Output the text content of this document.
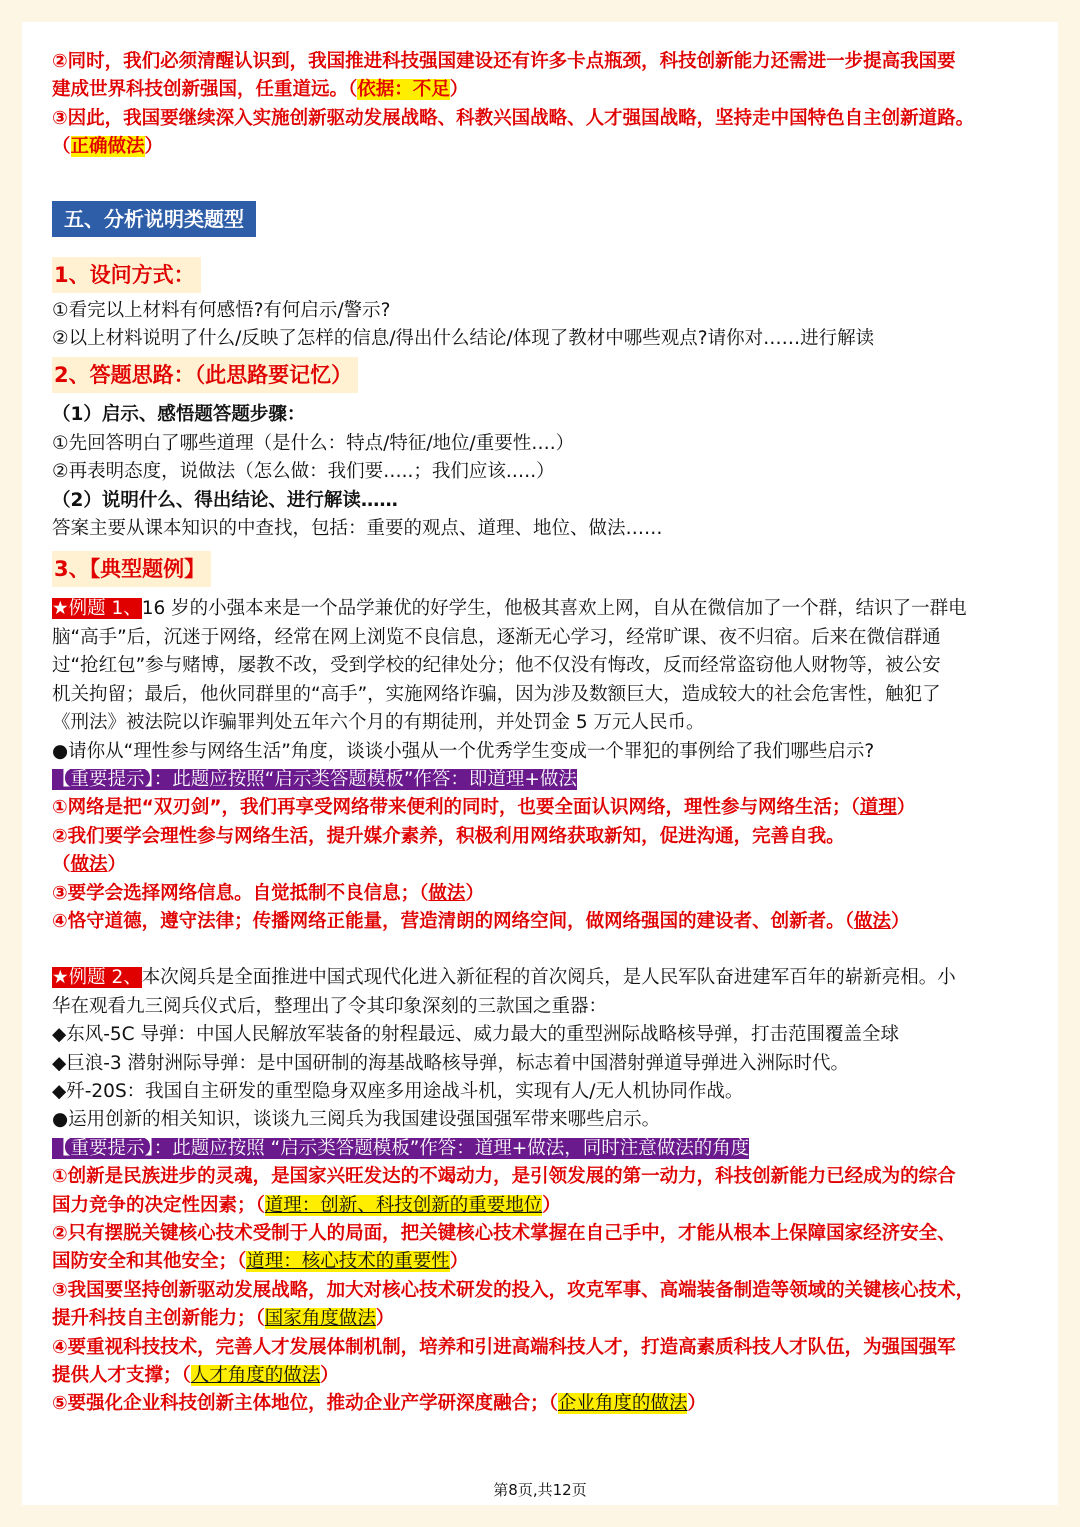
②同时，我们必须清醒认识到，我国推进科技强国建设还有许多卡点瓶颈，科技创新能力还需进一步提高我国要
建成世界科技创新强国，任重道远。（依据：不足）
③因此，我国要继续深入实施创新驱动发展战略、科教兴国战略、人才强国战略，坚持走中国特色自主创新道路。
（正确做法）
五、分析说明类题型
1、设问方式：
①看完以上材料有何感悟?有何启示/警示?
②以上材料说明了什么/反映了怎样的信息/得出什么结论/体现了教材中哪些观点?请你对……进行解读
2、答题思路：（此思路要记忆）
（1）启示、感悟题答题步骤：
①先回答明白了哪些道理（是什么：特点/特征/地位/重要性….）
②再表明态度，说做法（怎么做：我们要…..；我们应该.….）
（2）说明什么、得出结论、进行解读……
答案主要从课本知识的中查找，包括：重要的观点、道理、地位、做法……
3、【典型题例】
★例题 1、16 岁的小强本来是一个品学兼优的好学生，他极其喜欢上网，自从在微信加了一个群，结识了一群电
脑“高手”后，沉迷于网络，经常在网上浏览不良信息，逐渐无心学习，经常旷课、夜不归宿。后来在微信群通
过“抢红包”参与赌博，屡教不改，受到学校的纪律处分；他不仅没有悔改，反而经常盗窃他人财物等，被公安
机关拘留；最后，他伙同群里的“高手”，实施网络诈骗，因为涉及数额巨大，造成较大的社会危害性，触犯了
《刑法》被法院以诈骗罪判处五年六个月的有期徒刑，并处罚金 5 万元人民币。
●请你从“理性参与网络生活”角度，谈谈小强从一个优秀学生变成一个罪犯的事例给了我们哪些启示?
【重要提示】：此题应按照“启示类答题模板”作答：即道理+做法
①网络是把“双刃剑”，我们再享受网络带来便利的同时，也要全面认识网络，理性参与网络生活；（道理）
②我们要学会理性参与网络生活，提升媒介素养，积极利用网络获取新知，促进沟通，完善自我。
（做法）
③要学会选择网络信息。自觉抵制不良信息；（做法）
④恪守道德，遵守法律；传播网络正能量，营造清朗的网络空间，做网络强国的建设者、创新者。（做法）
★例题 2、本次阅兵是全面推进中国式现代化进入新征程的首次阅兵，是人民军队奋进建军百年的崭新亮相。小
华在观看九三阅兵仪式后，整理出了令其印象深刻的三款国之重器：
◆东风-5C 导弹：中国人民解放军装备的射程最远、威力最大的重型洲际战略核导弹，打击范围覆盖全球
◆巨浪-3 潜射洲际导弹：是中国研制的海基战略核导弹，标志着中国潜射弹道导弹进入洲际时代。
◆歼-20S：我国自主研发的重型隐身双座多用途战斗机，实现有人/无人机协同作战。
●运用创新的相关知识，谈谈九三阅兵为我国建设强国强军带来哪些启示。
【重要提示】：此题应按照 “启示类答题模板”作答：道理+做法，同时注意做法的角度
①创新是民族进步的灵魂，是国家兴旺发达的不竭动力，是引领发展的第一动力，科技创新能力已经成为的综合
国力竞争的决定性因素；（道理：创新、科技创新的重要地位）
②只有摆脱关键核心技术受制于人的局面，把关键核心技术掌握在自己手中，才能从根本上保障国家经济安全、
国防安全和其他安全；（道理：核心技术的重要性）
③我国要坚持创新驱动发展战略，加大对核心技术研发的投入，攻克军事、高端装备制造等领域的关键核心技术，
提升科技自主创新能力；（国家角度做法）
④要重视科技技术，完善人才发展体制机制，培养和引进高端科技人才，打造高素质科技人才队伍，为强国强军
提供人才支撑；（人才角度的做法）
⑤要强化企业科技创新主体地位，推动企业产学研深度融合；（企业角度的做法）
第8页,共12页
